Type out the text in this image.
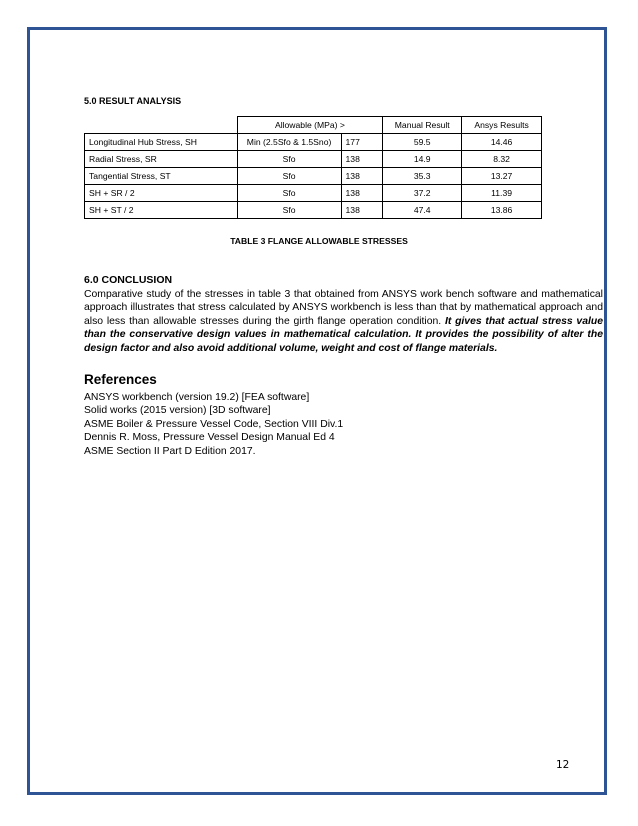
5.0 RESULT ANALYSIS
	Allowable (MPa) >		Manual Result	Ansys Results
Longitudinal Hub Stress, SH	Min (2.5Sfo & 1.5Sno)	177	59.5	14.46
Radial Stress, SR	Sfo	138	14.9	8.32
Tangential Stress, ST	Sfo	138	35.3	13.27
SH + SR / 2	Sfo	138	37.2	11.39
SH + ST / 2	Sfo	138	47.4	13.86
TABLE 3 FLANGE ALLOWABLE STRESSES
6.0 CONCLUSION
Comparative study of the stresses in table 3 that obtained from ANSYS work bench software and mathematical approach illustrates that stress calculated by ANSYS workbench is less than that by mathematical approach and also less than allowable stresses during the girth flange operation condition. It gives that actual stress value than the conservative design values in mathematical calculation. It provides the possibility of alter the design factor and also avoid additional volume, weight and cost of flange materials.
References
ANSYS workbench (version 19.2) [FEA software]
Solid works (2015 version) [3D software]
ASME Boiler & Pressure Vessel Code, Section VIII Div.1
Dennis R. Moss, Pressure Vessel Design Manual Ed 4
ASME Section II Part D Edition 2017.
12
